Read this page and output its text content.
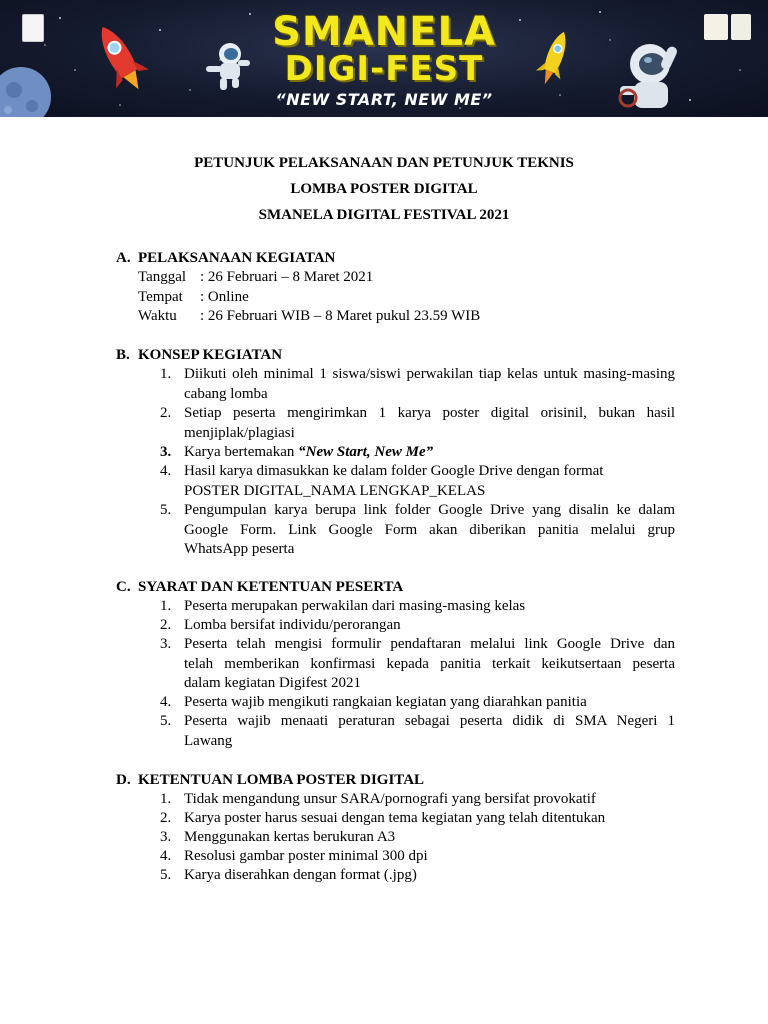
SMANELA
DIGI-FEST
“NEW START, NEW ME”
PETUNJUK PELAKSANAAN DAN PETUNJUK TEKNIS
LOMBA POSTER DIGITAL
SMANELA DIGITAL FESTIVAL 2021
A. PELAKSANAAN KEGIATAN
Tanggal : 26 Februari – 8 Maret 2021
Tempat : Online
Waktu : 26 Februari WIB – 8 Maret pukul 23.59 WIB
B. KONSEP KEGIATAN
1. Diikuti oleh minimal 1 siswa/siswi perwakilan tiap kelas untuk masing-masing
cabang lomba
2. Setiap peserta mengirimkan 1 karya poster digital orisinil, bukan hasil
menjiplak/plagiasi
3. Karya bertemakan “New Start, New Me”
4. Hasil karya dimasukkan ke dalam folder Google Drive dengan format
POSTER DIGITAL_NAMA LENGKAP_KELAS
5. Pengumpulan karya berupa link folder Google Drive yang disalin ke dalam
Google Form. Link Google Form akan diberikan panitia melalui grup
WhatsApp peserta
C. SYARAT DAN KETENTUAN PESERTA
1. Peserta merupakan perwakilan dari masing-masing kelas
2. Lomba bersifat individu/perorangan
3. Peserta telah mengisi formulir pendaftaran melalui link Google Drive dan
telah memberikan konfirmasi kepada panitia terkait keikutsertaan peserta
dalam kegiatan Digifest 2021
4. Peserta wajib mengikuti rangkaian kegiatan yang diarahkan panitia
5. Peserta wajib menaati peraturan sebagai peserta didik di SMA Negeri 1
Lawang
D. KETENTUAN LOMBA POSTER DIGITAL
1. Tidak mengandung unsur SARA/pornografi yang bersifat provokatif
2. Karya poster harus sesuai dengan tema kegiatan yang telah ditentukan
3. Menggunakan kertas berukuran A3
4. Resolusi gambar poster minimal 300 dpi
5. Karya diserahkan dengan format (.jpg)
